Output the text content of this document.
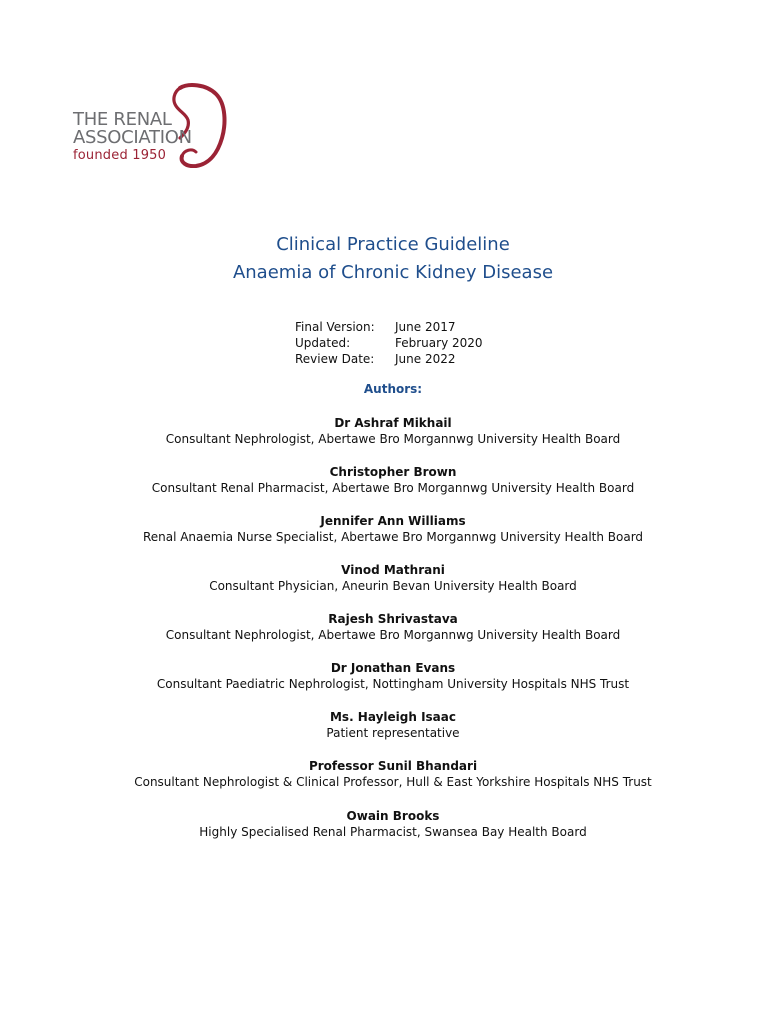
THE RENAL
ASSOCIATION
founded 1950
Clinical Practice Guideline
Anaemia of Chronic Kidney Disease
Final Version: June 2017
Updated:	February 2020
Review Date: June 2022
Authors:
Dr Ashraf Mikhail
Consultant Nephrologist, Abertawe Bro Morgannwg University Health Board
Christopher Brown
Consultant Renal Pharmacist, Abertawe Bro Morgannwg University Health Board
Jennifer Ann Williams
Renal Anaemia Nurse Specialist, Abertawe Bro Morgannwg University Health Board
Vinod Mathrani
Consultant Physician, Aneurin Bevan University Health Board
Rajesh Shrivastava
Consultant Nephrologist, Abertawe Bro Morgannwg University Health Board
Dr Jonathan Evans
Consultant Paediatric Nephrologist, Nottingham University Hospitals NHS Trust
Ms. Hayleigh Isaac
Patient representative
Professor Sunil Bhandari
Consultant Nephrologist & Clinical Professor, Hull & East Yorkshire Hospitals NHS Trust
Owain Brooks
Highly Specialised Renal Pharmacist, Swansea Bay Health Board
